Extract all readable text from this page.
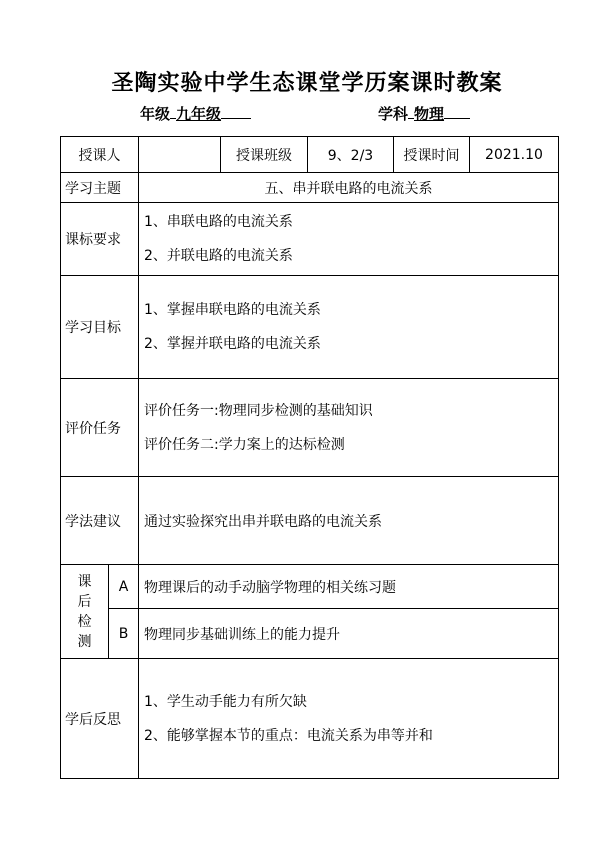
圣陶实验中学生态课堂学历案课时教案
年级 九年级	学科 物理
授课人			授课班级	9、2/3	授课时间	2021.10
学习主题		五、串并联电路的电流关系				
课标要求		1、串联电路的电流关系
2、并联电路的电流关系				

学习目标		1、掌握串联电路的电流关系
2、掌握并联电路的电流关系				

评价任务		评价任务一:物理同步检测的基础知识
评价任务二:学力案上的达标检测				

学法建议		通过实验探究出串并联电路的电流关系				

课
后
检
测	A	物理课后的动手动脑学物理的相关练习题				
	B	物理同步基础训练上的能力提升				
学后反思		1、学生动手能力有所欠缺
2、能够掌握本节的重点：电流关系为串等并和				
